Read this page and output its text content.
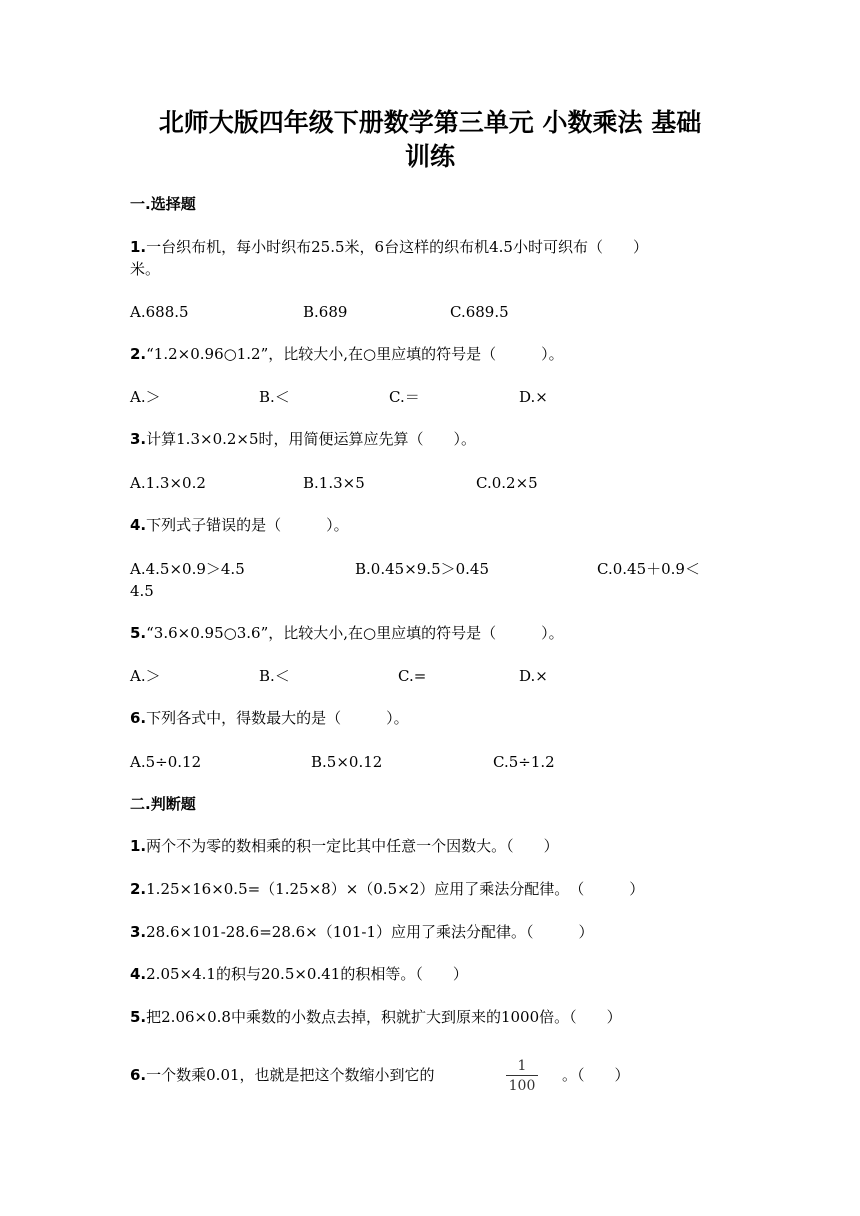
北师大版四年级下册数学第三单元 小数乘法 基础
训练
一.选择题
1.一台织布机，每小时织布25.5米，6台这样的织布机4.5小时可织布（　　）
米。
A.688.5	B.689	C.689.5
2.“1.2×0.96○1.2”，比较大小,在○里应填的符号是（　　　）。
A.＞	B.＜	C.＝	D.×
3.计算1.3×0.2×5时，用简便运算应先算（　　）。
A.1.3×0.2	B.1.3×5	C.0.2×5
4.下列式子错误的是（　　　）。
A.4.5×0.9＞4.5	B.0.45×9.5＞0.45	C.0.45＋0.9＜
4.5
5.“3.6×0.95○3.6”，比较大小,在○里应填的符号是（　　　）。
A.＞	B.＜	C.=	D.×
6.下列各式中，得数最大的是（　　　）。
A.5÷0.12	B.5×0.12	C.5÷1.2
二.判断题
1.两个不为零的数相乘的积一定比其中任意一个因数大。（　　）
2.1.25×16×0.5=（1.25×8）×（0.5×2）应用了乘法分配律。　（　　　）
3.28.6×101-28.6=28.6×（101-1）应用了乘法分配律。（　　　）
4.2.05×4.1的积与20.5×0.41的积相等。（　　）
5.把2.06×0.8中乘数的小数点去掉，积就扩大到原来的1000倍。（　　）
6.一个数乘0.01，也就是把这个数缩小到它的	1
100
。（　　）
